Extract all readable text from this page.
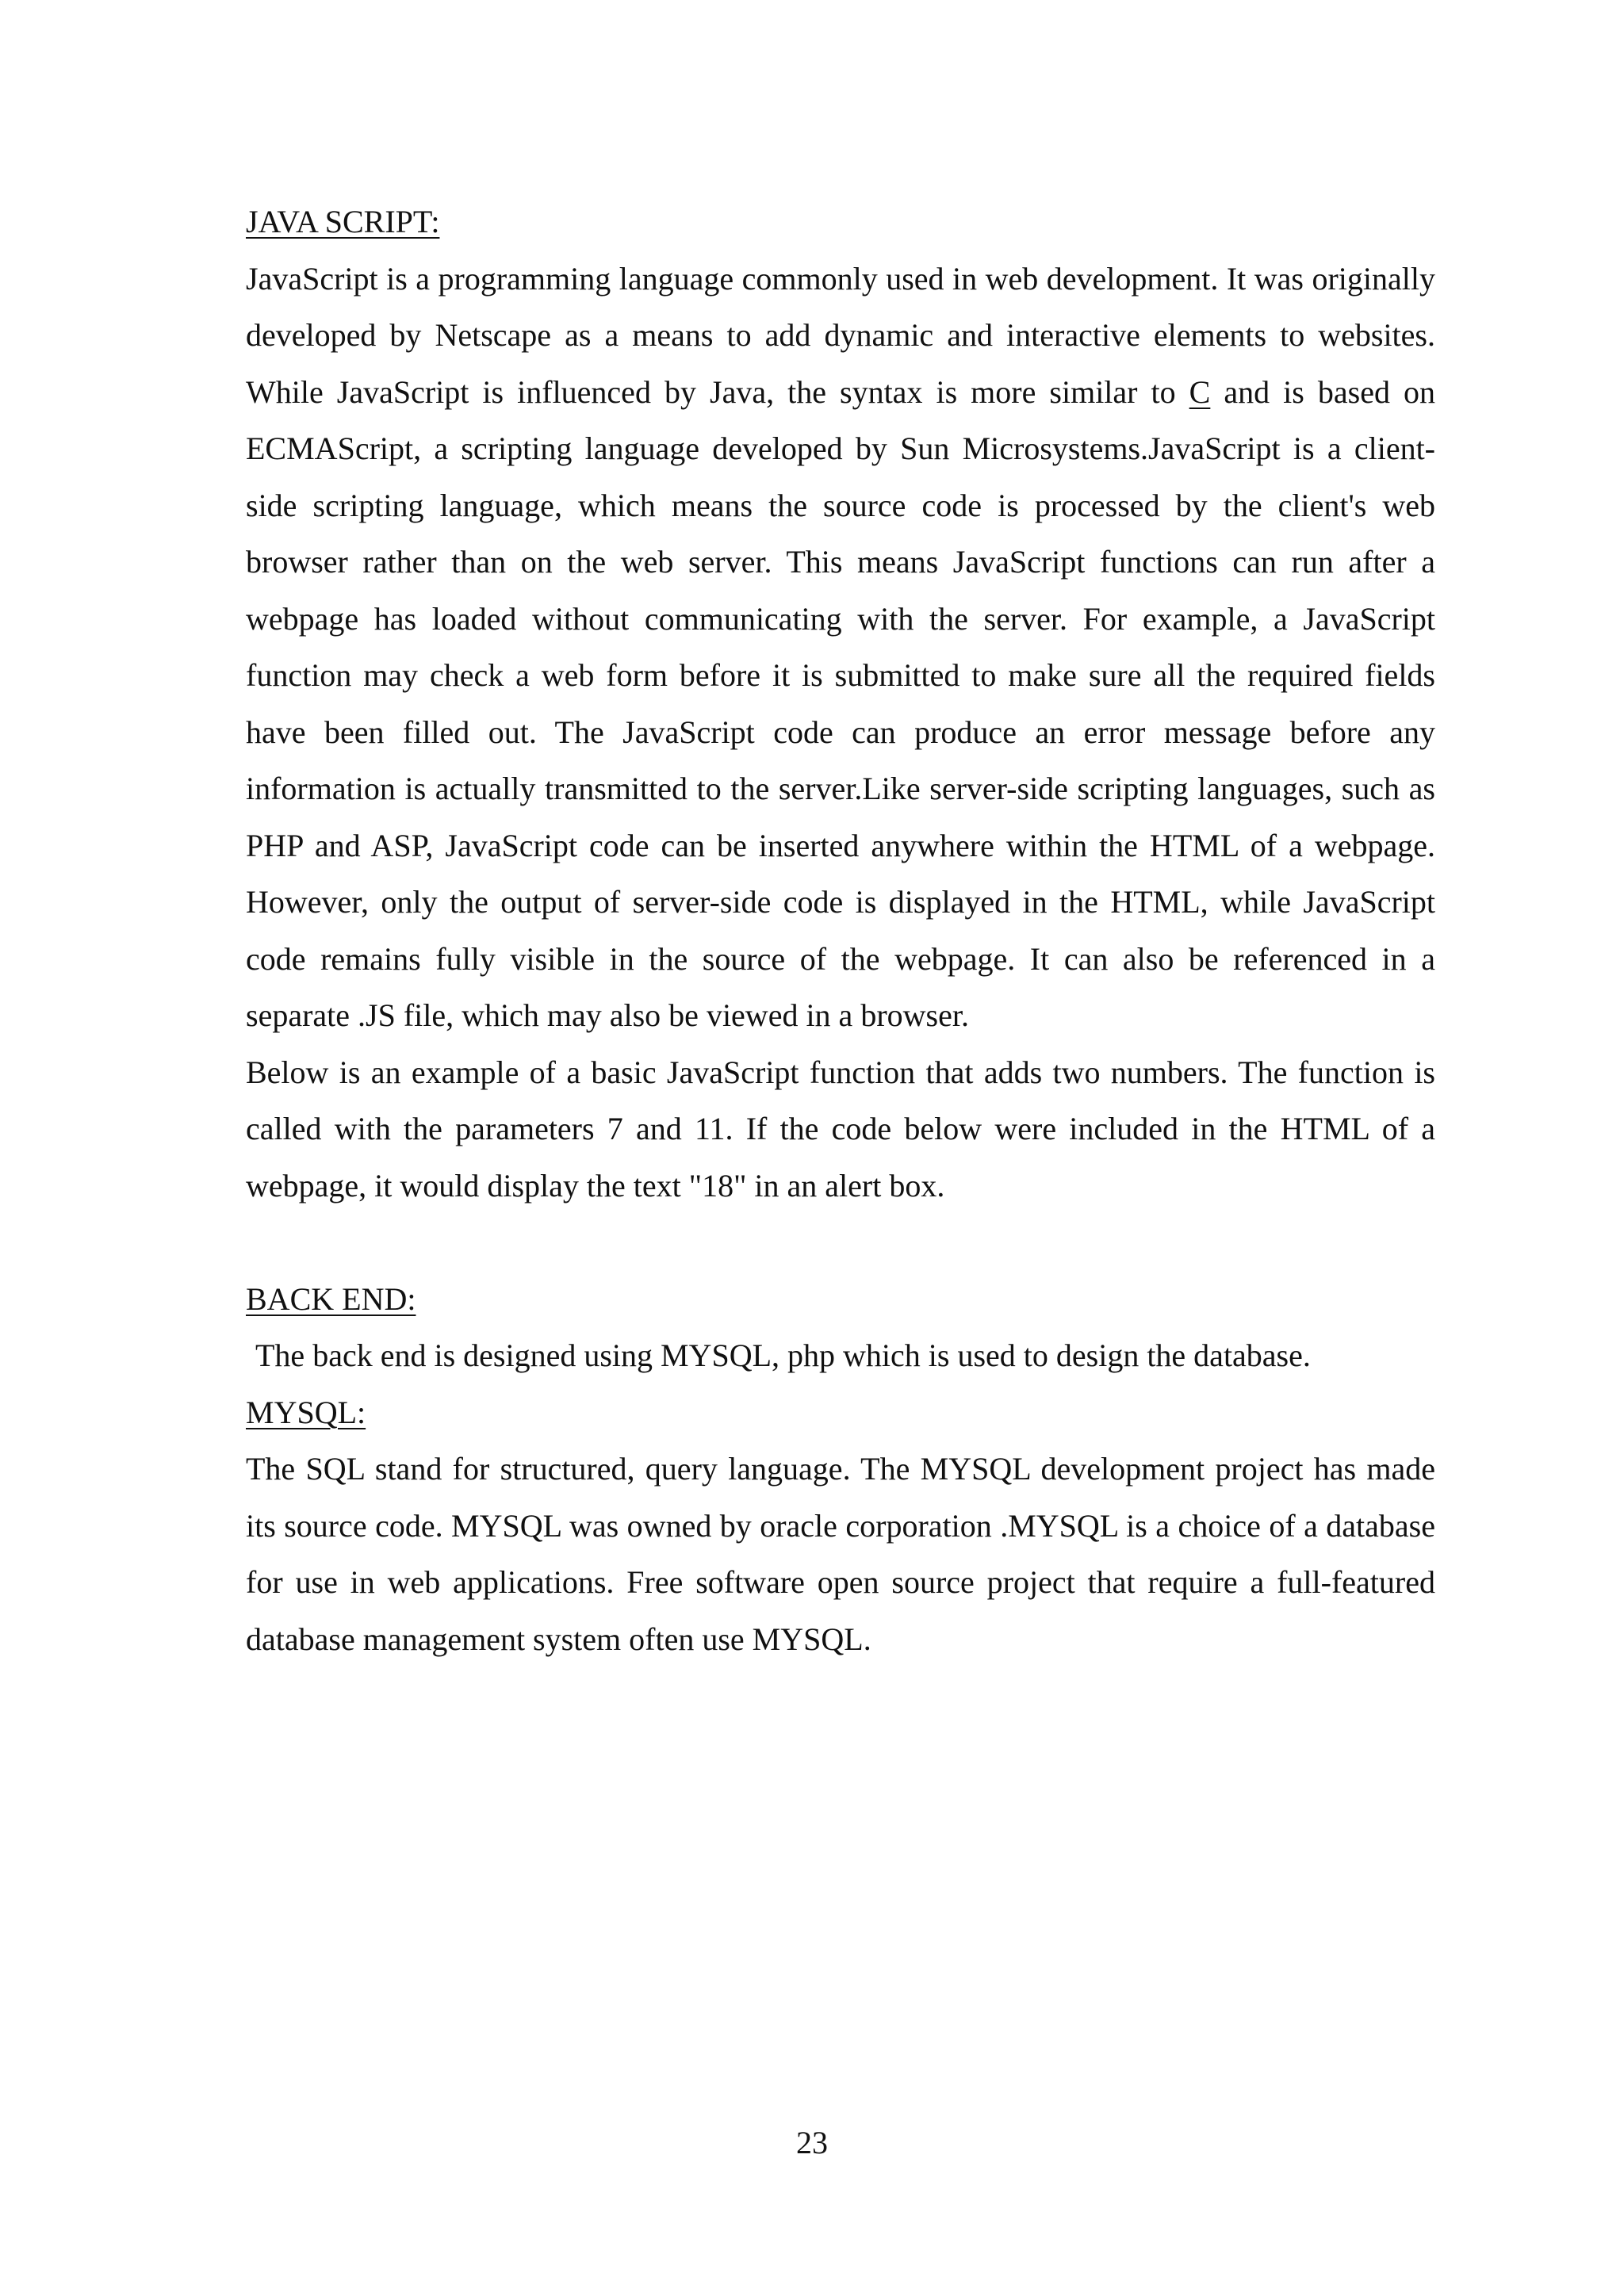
JAVA SCRIPT:

JavaScript is a programming language commonly used in web development. It was originally developed by Netscape as a means to add dynamic and interactive elements to websites. While JavaScript is influenced by Java, the syntax is more similar to C and is based on ECMAScript, a scripting language developed by Sun Microsystems.JavaScript is a client-side scripting language, which means the source code is processed by the client's web browser rather than on the web server. This means JavaScript functions can run after a webpage has loaded without communicating with the server. For example, a JavaScript function may check a web form before it is submitted to make sure all the required fields have been filled out. The JavaScript code can produce an error message before any information is actually transmitted to the server.Like server-side scripting languages, such as PHP and ASP, JavaScript code can be inserted anywhere within the HTML of a webpage. However, only the output of server-side code is displayed in the HTML, while JavaScript code remains fully visible in the source of the webpage. It can also be referenced in a separate .JS file, which may also be viewed in a browser.

Below is an example of a basic JavaScript function that adds two numbers. The function is called with the parameters 7 and 11. If the code below were included in the HTML of a webpage, it would display the text "18" in an alert box.

BACK END:

The back end is designed using MYSQL, php which is used to design the database.

MYSQL:

The SQL stand for structured, query language. The MYSQL development project has made its source code. MYSQL was owned by oracle corporation .MYSQL is a choice of a database for use in web applications. Free software open source project that require a full-featured database management system often use MYSQL.

23
